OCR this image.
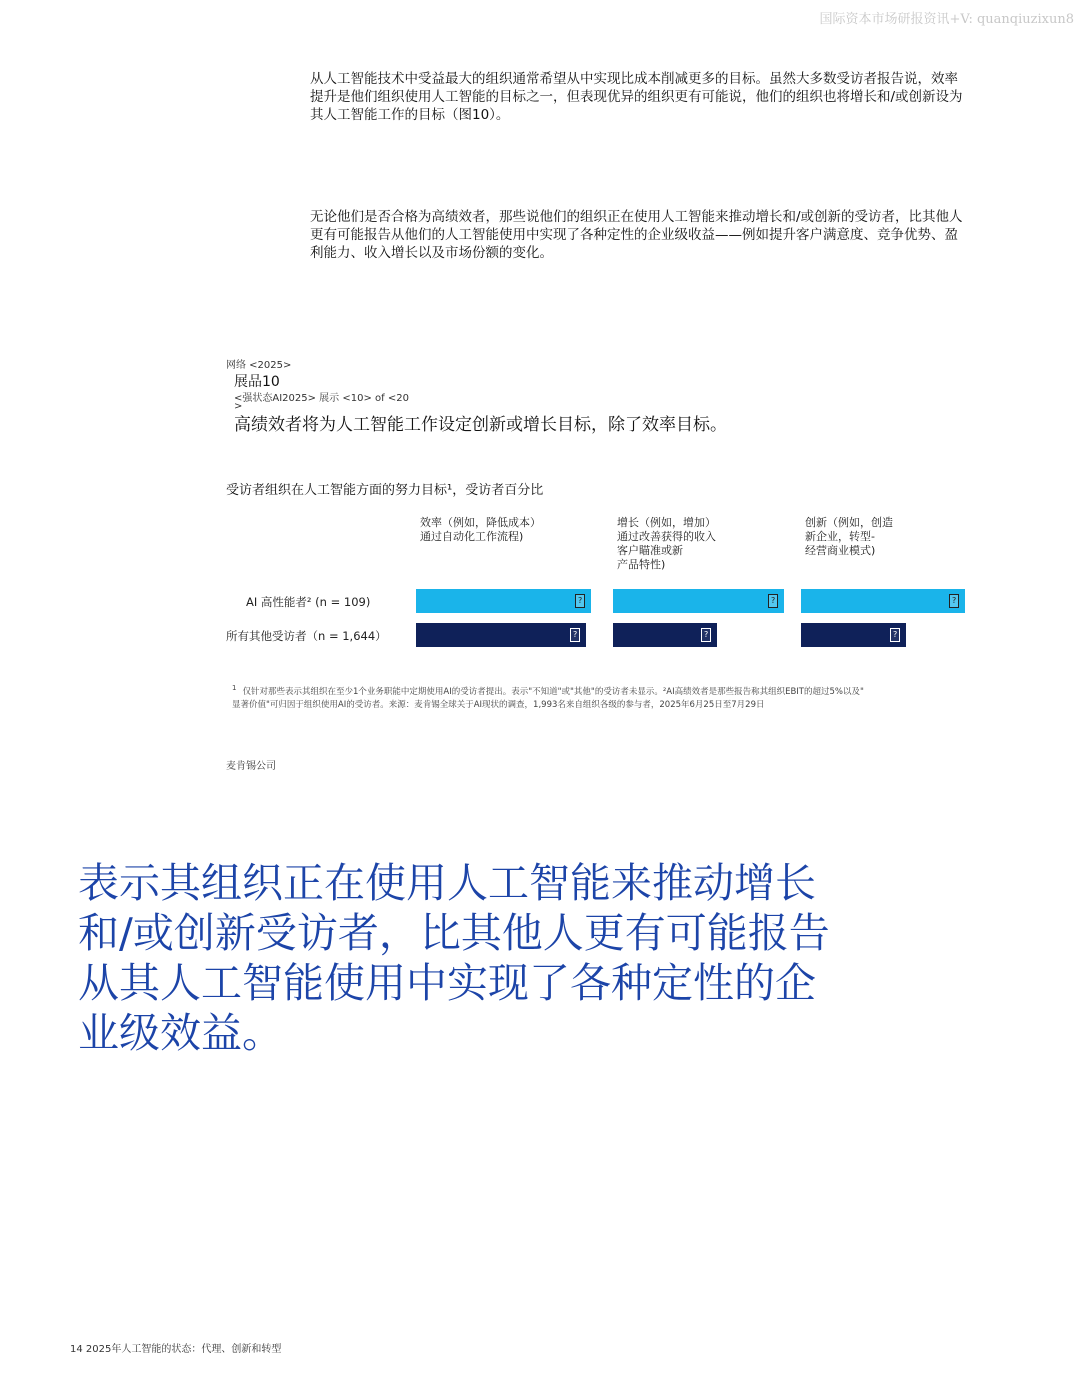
国际资本市场研报资讯+V: quanqiuzixun8

从人工智能技术中受益最大的组织通常希望从中实现比成本削减更多的目标。虽然大多数受访者报告说，效率提升是他们组织使用人工智能的目标之一，但表现优异的组织更有可能说，他们的组织也将增长和/或创新设为其人工智能工作的目标（图10）。

无论他们是否合格为高绩效者，那些说他们的组织正在使用人工智能来推动增长和/或创新的受访者，比其他人更有可能报告从他们的人工智能使用中实现了各种定性的企业级收益——例如提升客户满意度、竞争优势、盈利能力、收入增长以及市场份额的变化。

网络 <2025>
展品10
<强状态AI2025> 展示 <10> of <20
>
高绩效者将为人工智能工作设定创新或增长目标，除了效率目标。
受访者组织在人工智能方面的努力目标¹，受访者百分比
效率（例如，降低成本）
通过自动化工作流程)
增长（例如，增加）
通过改善获得的收入
客户瞄准或新
产品特性)
创新（例如，创造
新企业，转型-
经营商业模式)
AI 高性能者² (n = 109)	?	?	?
所有其他受访者（n = 1,644）	?	?	?
$^1$ 仅针对那些表示其组织在至少1个业务职能中定期使用AI的受访者提出。表示"不知道"或"其他"的受访者未显示。²AI高绩效者是那些报告称其组织EBIT的超过5%以及"
显著价值"可归因于组织使用AI的受访者。来源：麦肯锡全球关于AI现状的调查，1,993名来自组织各级的参与者，2025年6月25日至7月29日
麦肯锡公司
表示其组织正在使用人工智能来推动增长
和/或创新受访者，比其他人更有可能报告
从其人工智能使用中实现了各种定性的企
业级效益。
14 2025年人工智能的状态：代理、创新和转型
